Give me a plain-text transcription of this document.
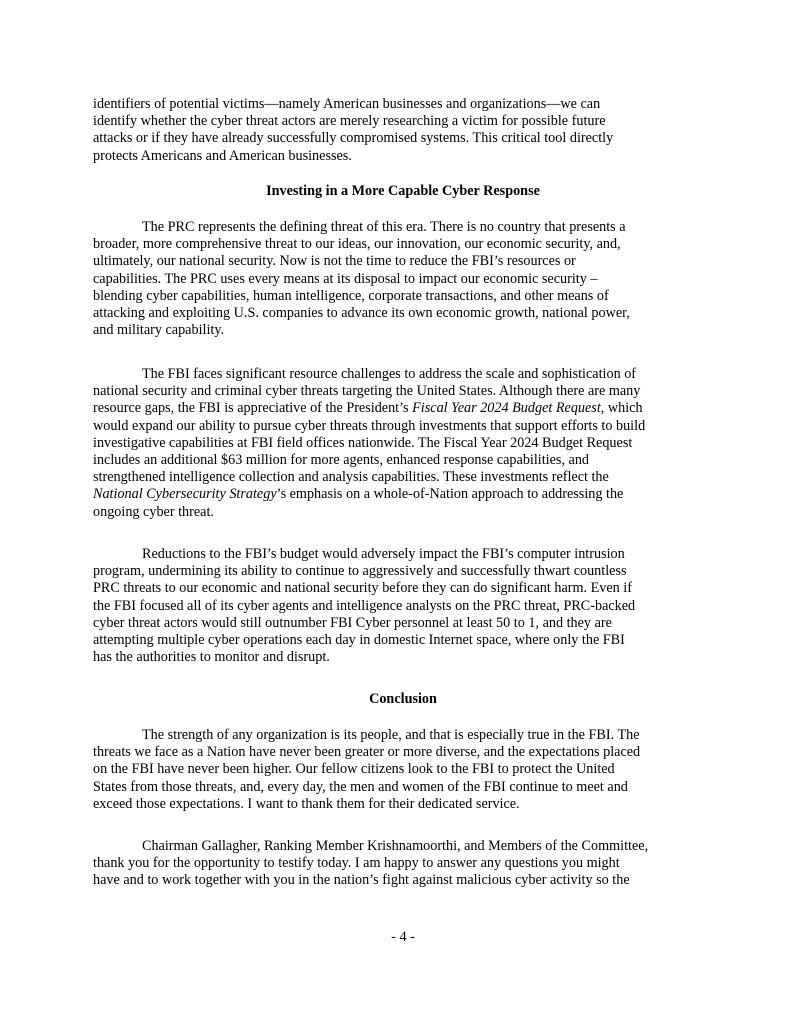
identifiers of potential victims—namely American businesses and organizations—we can
identify whether the cyber threat actors are merely researching a victim for possible future
attacks or if they have already successfully compromised systems. This critical tool directly
protects Americans and American businesses.

Investing in a More Capable Cyber Response

The PRC represents the defining threat of this era. There is no country that presents a
broader, more comprehensive threat to our ideas, our innovation, our economic security, and,
ultimately, our national security. Now is not the time to reduce the FBI’s resources or
capabilities. The PRC uses every means at its disposal to impact our economic security –
blending cyber capabilities, human intelligence, corporate transactions, and other means of
attacking and exploiting U.S. companies to advance its own economic growth, national power,
and military capability.

The FBI faces significant resource challenges to address the scale and sophistication of
national security and criminal cyber threats targeting the United States. Although there are many
resource gaps, the FBI is appreciative of the President’s Fiscal Year 2024 Budget Request, which
would expand our ability to pursue cyber threats through investments that support efforts to build
investigative capabilities at FBI field offices nationwide. The Fiscal Year 2024 Budget Request
includes an additional $63 million for more agents, enhanced response capabilities, and
strengthened intelligence collection and analysis capabilities. These investments reflect the
National Cybersecurity Strategy’s emphasis on a whole-of-Nation approach to addressing the
ongoing cyber threat.

Reductions to the FBI’s budget would adversely impact the FBI’s computer intrusion
program, undermining its ability to continue to aggressively and successfully thwart countless
PRC threats to our economic and national security before they can do significant harm. Even if
the FBI focused all of its cyber agents and intelligence analysts on the PRC threat, PRC-backed
cyber threat actors would still outnumber FBI Cyber personnel at least 50 to 1, and they are
attempting multiple cyber operations each day in domestic Internet space, where only the FBI
has the authorities to monitor and disrupt.

Conclusion

The strength of any organization is its people, and that is especially true in the FBI. The
threats we face as a Nation have never been greater or more diverse, and the expectations placed
on the FBI have never been higher. Our fellow citizens look to the FBI to protect the United
States from those threats, and, every day, the men and women of the FBI continue to meet and
exceed those expectations. I want to thank them for their dedicated service.

Chairman Gallagher, Ranking Member Krishnamoorthi, and Members of the Committee,
thank you for the opportunity to testify today. I am happy to answer any questions you might
have and to work together with you in the nation’s fight against malicious cyber activity so the

- 4 -
